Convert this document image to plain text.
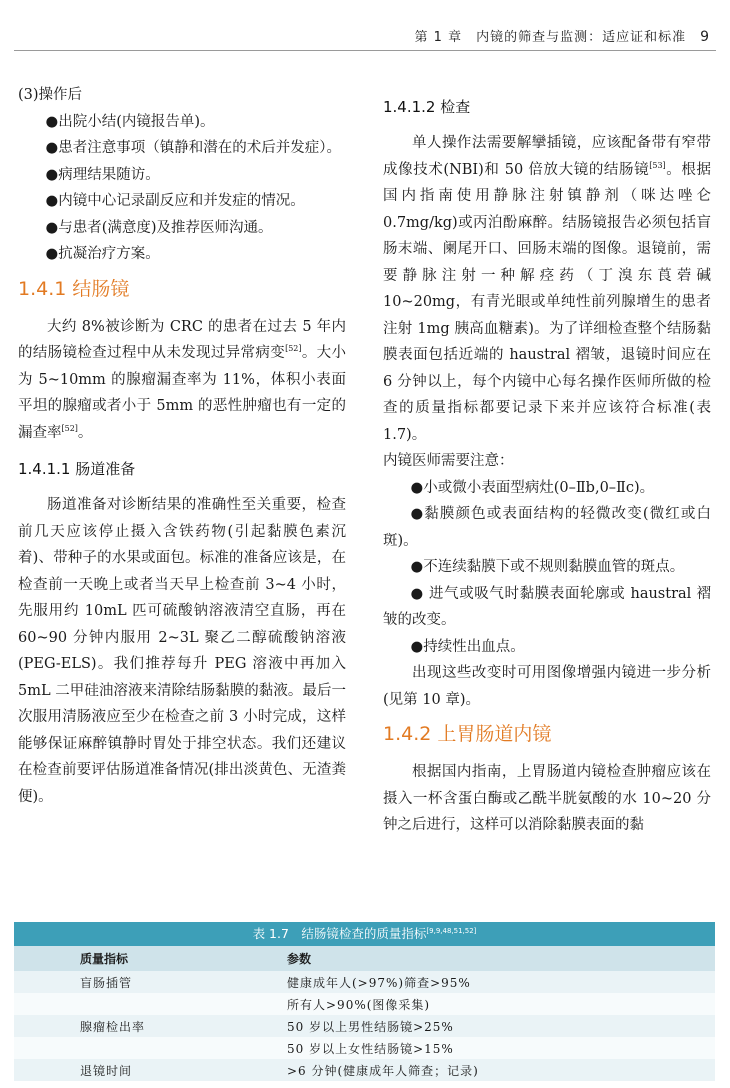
第 1 章　内镜的筛查与监测：适应证和标准 9

(3)操作后

●出院小结(内镜报告单)。

●患者注意事项（镇静和潜在的术后并发症）。

●病理结果随访。

●内镜中心记录副反应和并发症的情况。

●与患者(满意度)及推荐医师沟通。

●抗凝治疗方案。

1.4.1 结肠镜

大约 8%被诊断为 CRC 的患者在过去 5 年内的结肠镜检查过程中从未发现过异常病变[52]。大小为 5~10mm 的腺瘤漏查率为 11%，体积小表面平坦的腺瘤或者小于 5mm 的恶性肿瘤也有一定的漏查率[52]。

1.4.1.1 肠道准备

肠道准备对诊断结果的准确性至关重要，检查前几天应该停止摄入含铁药物(引起黏膜色素沉着)、带种子的水果或面包。标准的准备应该是，在检查前一天晚上或者当天早上检查前 3~4 小时，先服用约 10mL 匹可硫酸钠溶液清空直肠，再在 60~90 分钟内服用 2~3L 聚乙二醇硫酸钠溶液(PEG-ELS)。我们推荐每升 PEG 溶液中再加入 5mL 二甲硅油溶液来清除结肠黏膜的黏液。最后一次服用清肠液应至少在检查之前 3 小时完成，这样能够保证麻醉镇静时胃处于排空状态。我们还建议在检查前要评估肠道准备情况(排出淡黄色、无渣粪便)。

1.4.1.2 检查

单人操作法需要解攣插镜，应该配备带有窄带成像技术(NBI)和 50 倍放大镜的结肠镜[53]。根据国内指南使用静脉注射镇静剂（咪达唑仑 0.7mg/kg)或丙泊酚麻醉。结肠镜报告必须包括盲肠末端、阑尾开口、回肠末端的图像。退镜前，需要静脉注射一种解痉药（丁溴东莨菪碱 10~20mg，有青光眼或单纯性前列腺增生的患者注射 1mg 胰高血糖素)。为了详细检查整个结肠黏膜表面包括近端的 haustral 褶皱，退镜时间应在 6 分钟以上，每个内镜中心每名操作医师所做的检查的质量指标都要记录下来并应该符合标准(表 1.7)。

内镜医师需要注意：

●小或微小表面型病灶(0–Ⅱb,0–Ⅱc)。

●黏膜颜色或表面结构的轻微改变(微红或白斑)。

●不连续黏膜下或不规则黏膜血管的斑点。

● 进气或吸气时黏膜表面轮廓或 haustral 褶皱的改变。

●持续性出血点。

出现这些改变时可用图像增强内镜进一步分析(见第 10 章)。

1.4.2 上胃肠道内镜

根据国内指南，上胃肠道内镜检查肿瘤应该在摄入一杯含蛋白酶或乙酰半胱氨酸的水 10~20 分钟之后进行，这样可以消除黏膜表面的黏

表 1.7　结肠镜检查的质量指标[9,9,48,51,52]
质量指标	参数
盲肠插管	健康成年人(>97%)筛查>95%
	所有人>90%(图像采集)
腺瘤检出率	50 岁以上男性结肠镜>25%
	50 岁以上女性结肠镜>15%
退镜时间	>6 分钟(健康成年人筛查；记录)
